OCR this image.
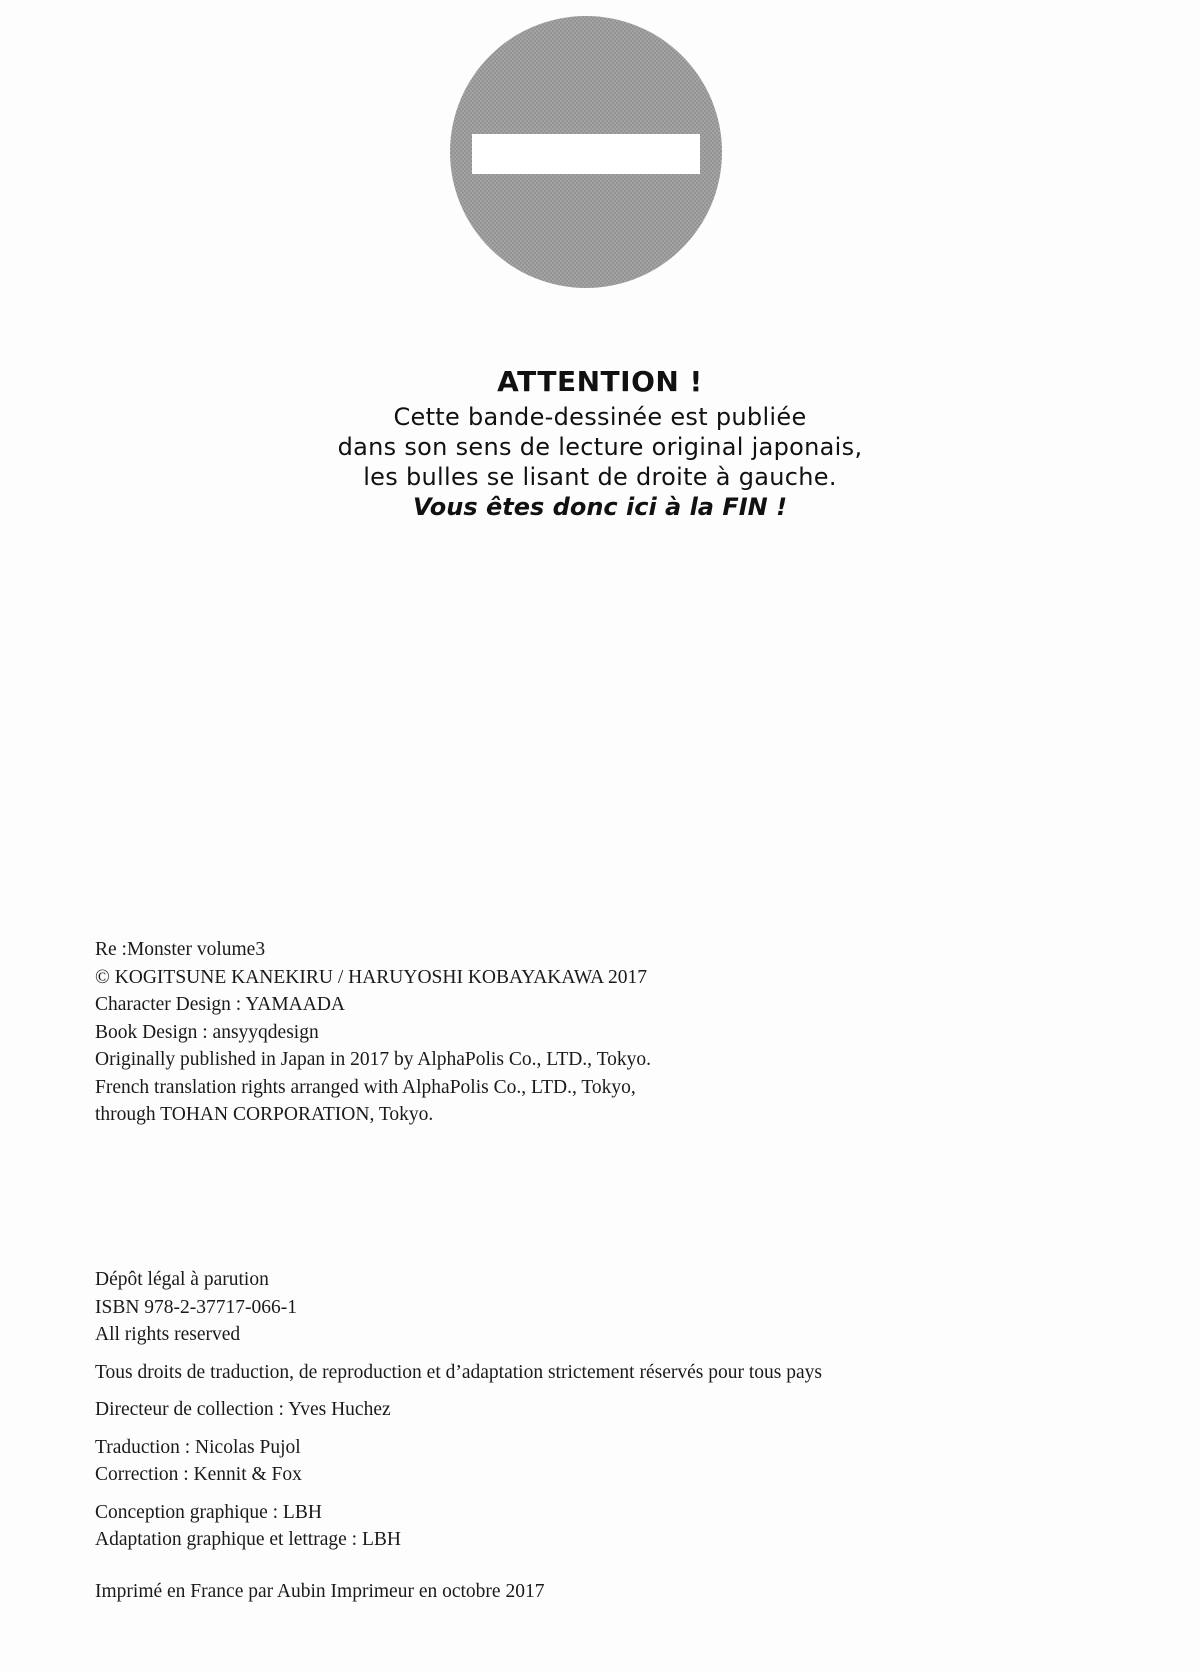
ATTENTION !
Cette bande-dessinée est publiée
dans son sens de lecture original japonais,
les bulles se lisant de droite à gauche.
Vous êtes donc ici à la FIN !
Re :Monster volume3
© KOGITSUNE KANEKIRU / HARUYOSHI KOBAYAKAWA 2017
Character Design : YAMAADA
Book Design : ansyyqdesign
Originally published in Japan in 2017 by AlphaPolis Co., LTD., Tokyo.
French translation rights arranged with AlphaPolis Co., LTD., Tokyo,
through TOHAN CORPORATION, Tokyo.
Dépôt légal à parution
ISBN 978-2-37717-066-1
All rights reserved
Tous droits de traduction, de reproduction et d’adaptation strictement réservés pour tous pays
Directeur de collection : Yves Huchez
Traduction : Nicolas Pujol
Correction : Kennit & Fox
Conception graphique : LBH
Adaptation graphique et lettrage : LBH
Imprimé en France par Aubin Imprimeur en octobre 2017
